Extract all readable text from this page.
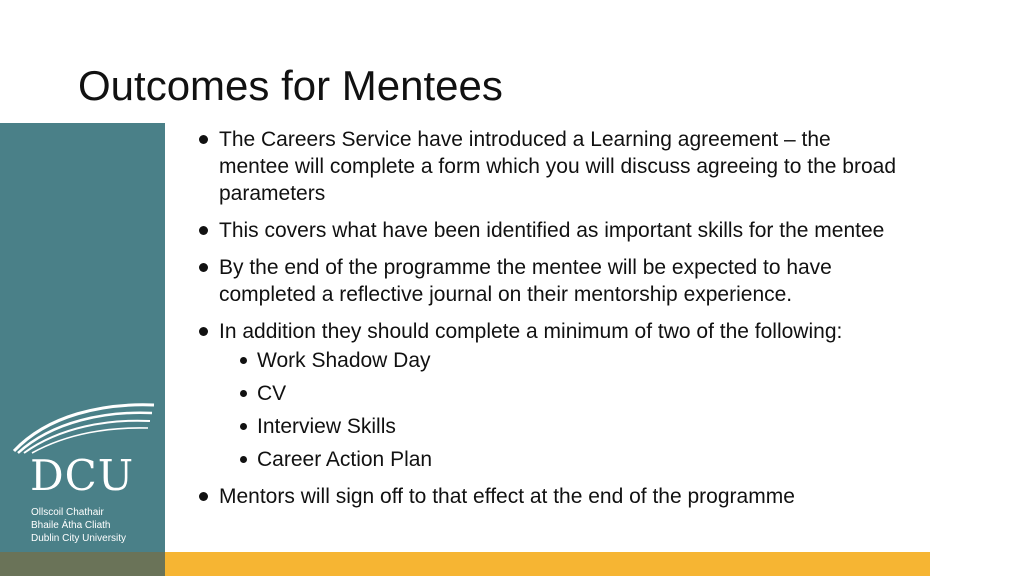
DCU
Ollscoil Chathair
Bhaile Átha Cliath
Dublin City University
Outcomes for Mentees
The Careers Service have introduced a Learning agreement – the mentee will complete a form which you will discuss agreeing to the broad parameters
This covers what have been identified as important skills for the mentee
By the end of the programme the mentee will be expected to have completed a reflective journal on their mentorship experience.
In addition they should complete a minimum of two of the following:
Work Shadow Day
CV
Interview Skills
Career Action Plan
Mentors will sign off to that effect at the end of the programme
